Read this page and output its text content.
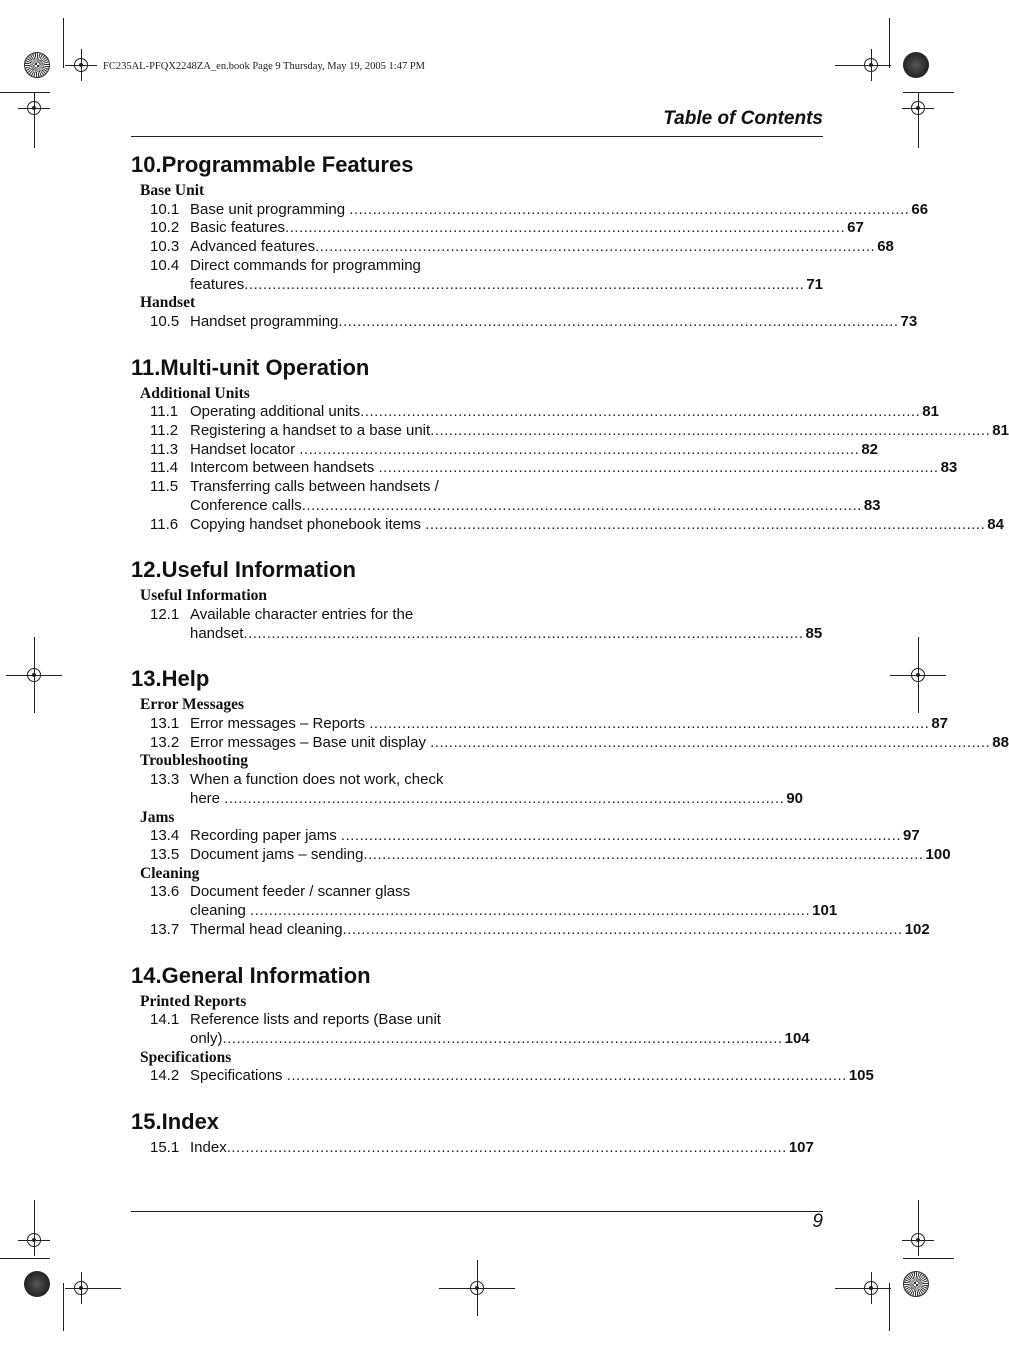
FC235AL-PFQX2248ZA_en.book Page 9 Thursday, May 19, 2005 1:47 PM
Table of Contents
10.Programmable Features
Base Unit
10.1 Base unit programming ........................................................................................................................ 66
10.2 Basic features ........................................................................................................................ 67
10.3 Advanced features ........................................................................................................................ 68
10.4 Direct commands for programming
features ........................................................................................................................ 71
Handset
10.5 Handset programming ........................................................................................................................ 73
11.Multi-unit Operation
Additional Units
11.1 Operating additional units ........................................................................................................................ 81
11.2 Registering a handset to a base unit ........................................................................................................................ 81
11.3 Handset locator ........................................................................................................................ 82
11.4 Intercom between handsets ........................................................................................................................ 83
11.5 Transferring calls between handsets /
Conference calls ........................................................................................................................ 83
11.6 Copying handset phonebook items ........................................................................................................................ 84
12.Useful Information
Useful Information
12.1 Available character entries for the
handset ........................................................................................................................ 85
13.Help
Error Messages
13.1 Error messages – Reports ........................................................................................................................ 87
13.2 Error messages – Base unit display ........................................................................................................................ 88
Troubleshooting
13.3 When a function does not work, check
here ........................................................................................................................ 90
Jams
13.4 Recording paper jams ........................................................................................................................ 97
13.5 Document jams – sending ........................................................................................................................ 100
Cleaning
13.6 Document feeder / scanner glass
cleaning ........................................................................................................................ 101
13.7 Thermal head cleaning ........................................................................................................................ 102
14.General Information
Printed Reports
14.1 Reference lists and reports (Base unit
only) ........................................................................................................................ 104
Specifications
14.2 Specifications ........................................................................................................................ 105
15.Index
15.1 Index ........................................................................................................................ 107
9
